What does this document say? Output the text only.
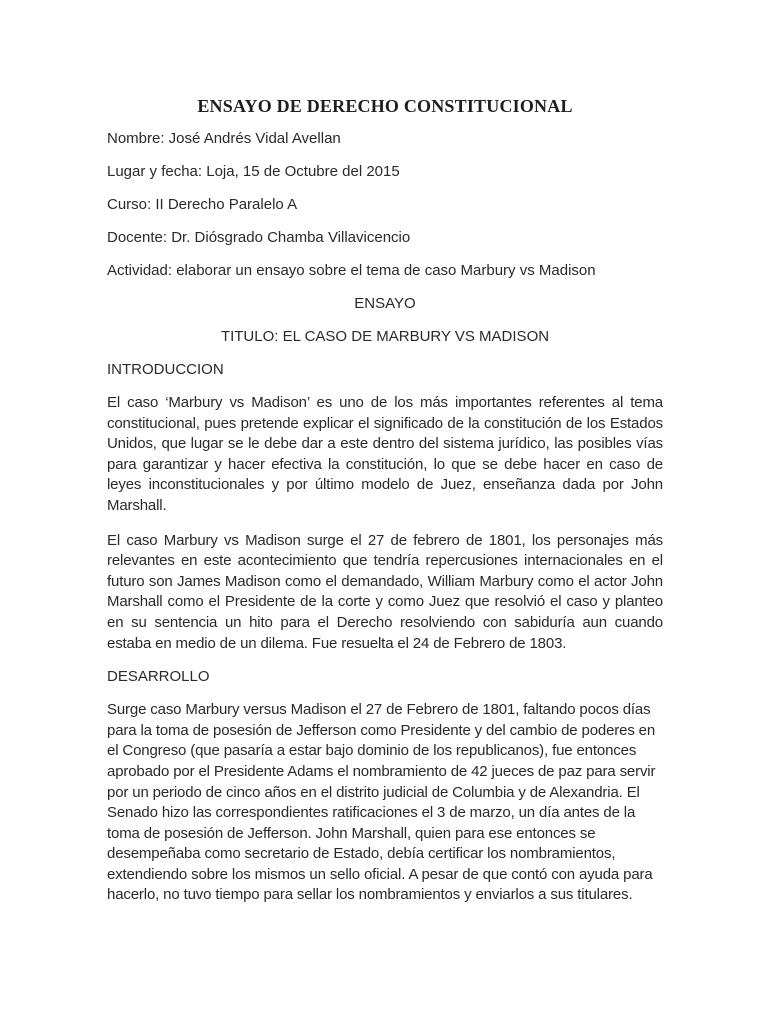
ENSAYO DE DERECHO CONSTITUCIONAL

Nombre: José Andrés Vidal Avellan

Lugar y fecha: Loja, 15 de Octubre del 2015

Curso: II Derecho Paralelo A

Docente: Dr. Diósgrado Chamba Villavicencio

Actividad: elaborar un ensayo sobre el tema de caso Marbury vs Madison

ENSAYO

TITULO: EL CASO DE MARBURY VS MADISON

INTRODUCCION

El caso ‘Marbury vs Madison’ es uno de los más importantes referentes al tema constitucional, pues pretende explicar el significado de la constitución de los Estados Unidos, que lugar se le debe dar a este dentro del sistema jurídico, las posibles vías para garantizar y hacer efectiva la constitución, lo que se debe hacer en caso de leyes inconstitucionales y por último modelo de Juez, enseñanza dada por John Marshall.

El caso Marbury vs Madison surge el 27 de febrero de 1801, los personajes más relevantes en este acontecimiento que tendría repercusiones internacionales en el futuro son James Madison como el demandado, William Marbury como el actor John Marshall como el Presidente de la corte y como Juez que resolvió el caso y planteo en su sentencia un hito para el Derecho resolviendo con sabiduría aun cuando estaba en medio de un dilema. Fue resuelta el 24 de Febrero de 1803.

DESARROLLO

Surge caso Marbury versus Madison el 27 de Febrero de 1801, faltando pocos días para la toma de posesión de Jefferson como Presidente y del cambio de poderes en el Congreso (que pasaría a estar bajo dominio de los republicanos), fue entonces aprobado por el Presidente Adams el nombramiento de 42 jueces de paz para servir por un periodo de cinco años en el distrito judicial de Columbia y de Alexandria. El Senado hizo las correspondientes ratificaciones el 3 de marzo, un día antes de la toma de posesión de Jefferson. John Marshall, quien para ese entonces se desempeñaba como secretario de Estado, debía certificar los nombramientos, extendiendo sobre los mismos un sello oficial. A pesar de que contó con ayuda para hacerlo, no tuvo tiempo para sellar los nombramientos y enviarlos a sus titulares.
